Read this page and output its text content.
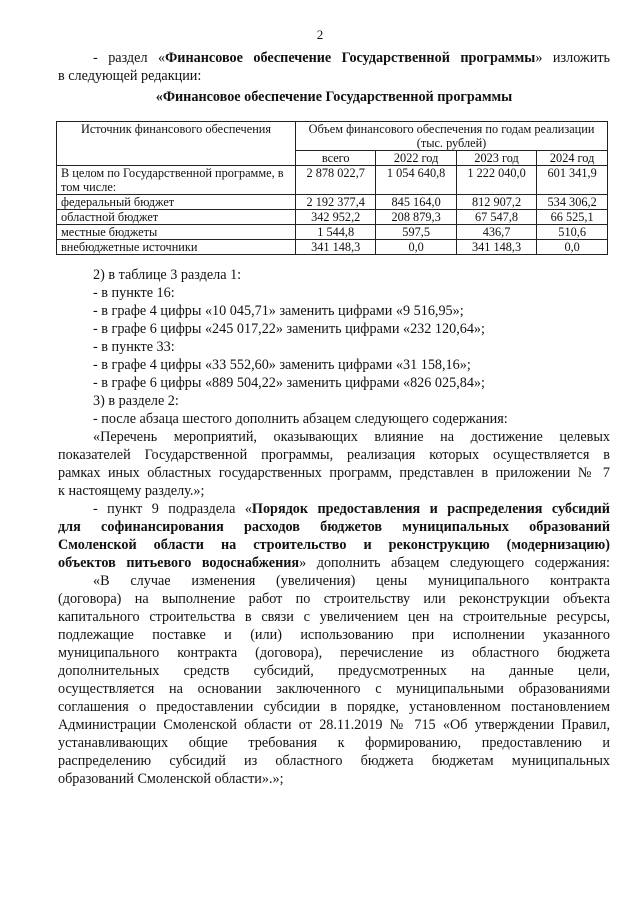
2
- раздел «Финансовое обеспечение Государственной программы» изложить
в следующей редакции:
«Финансовое обеспечение Государственной программы
Источник финансового обеспечения	Объем финансового обеспечения по годам реализации (тыс. рублей)			
	всего	2022 год	2023 год	2024 год
В целом по Государственной программе, в том числе:	2 878 022,7	1 054 640,8	1 222 040,0	601 341,9
федеральный бюджет	2 192 377,4	845 164,0	812 907,2	534 306,2
областной бюджет	342 952,2	208 879,3	67 547,8	66 525,1
местные бюджеты	1 544,8	597,5	436,7	510,6
внебюджетные источники	341 148,3	0,0	341 148,3	0,0
2) в таблице 3 раздела 1:
- в пункте 16:
- в графе 4 цифры «10 045,71» заменить цифрами «9 516,95»;
- в графе 6 цифры «245 017,22» заменить цифрами «232 120,64»;
- в пункте 33:
- в графе 4 цифры «33 552,60» заменить цифрами «31 158,16»;
- в графе 6 цифры «889 504,22» заменить цифрами «826 025,84»;
3) в разделе 2:
- после абзаца шестого дополнить абзацем следующего содержания:
«Перечень мероприятий, оказывающих влияние на достижение целевых
показателей Государственной программы, реализация которых осуществляется в
рамках иных областных государственных программ, представлен в приложении № 7
к настоящему разделу.»;
- пункт 9 подраздела «Порядок предоставления и распределения субсидий
для софинансирования расходов бюджетов муниципальных образований
Смоленской области на строительство и реконструкцию (модернизацию)
объектов питьевого водоснабжения» дополнить абзацем следующего содержания:
«В случае изменения (увеличения) цены муниципального контракта
(договора) на выполнение работ по строительству или реконструкции объекта
капитального строительства в связи с увеличением цен на строительные ресурсы,
подлежащие поставке и (или) использованию при исполнении указанного
муниципального контракта (договора), перечисление из областного бюджета
дополнительных средств субсидий, предусмотренных на данные цели,
осуществляется на основании заключенного с муниципальными образованиями
соглашения о предоставлении субсидии в порядке, установленном постановлением
Администрации Смоленской области от 28.11.2019 № 715 «Об утверждении Правил,
устанавливающих общие требования к формированию, предоставлению и
распределению субсидий из областного бюджета бюджетам муниципальных
образований Смоленской области».»;
